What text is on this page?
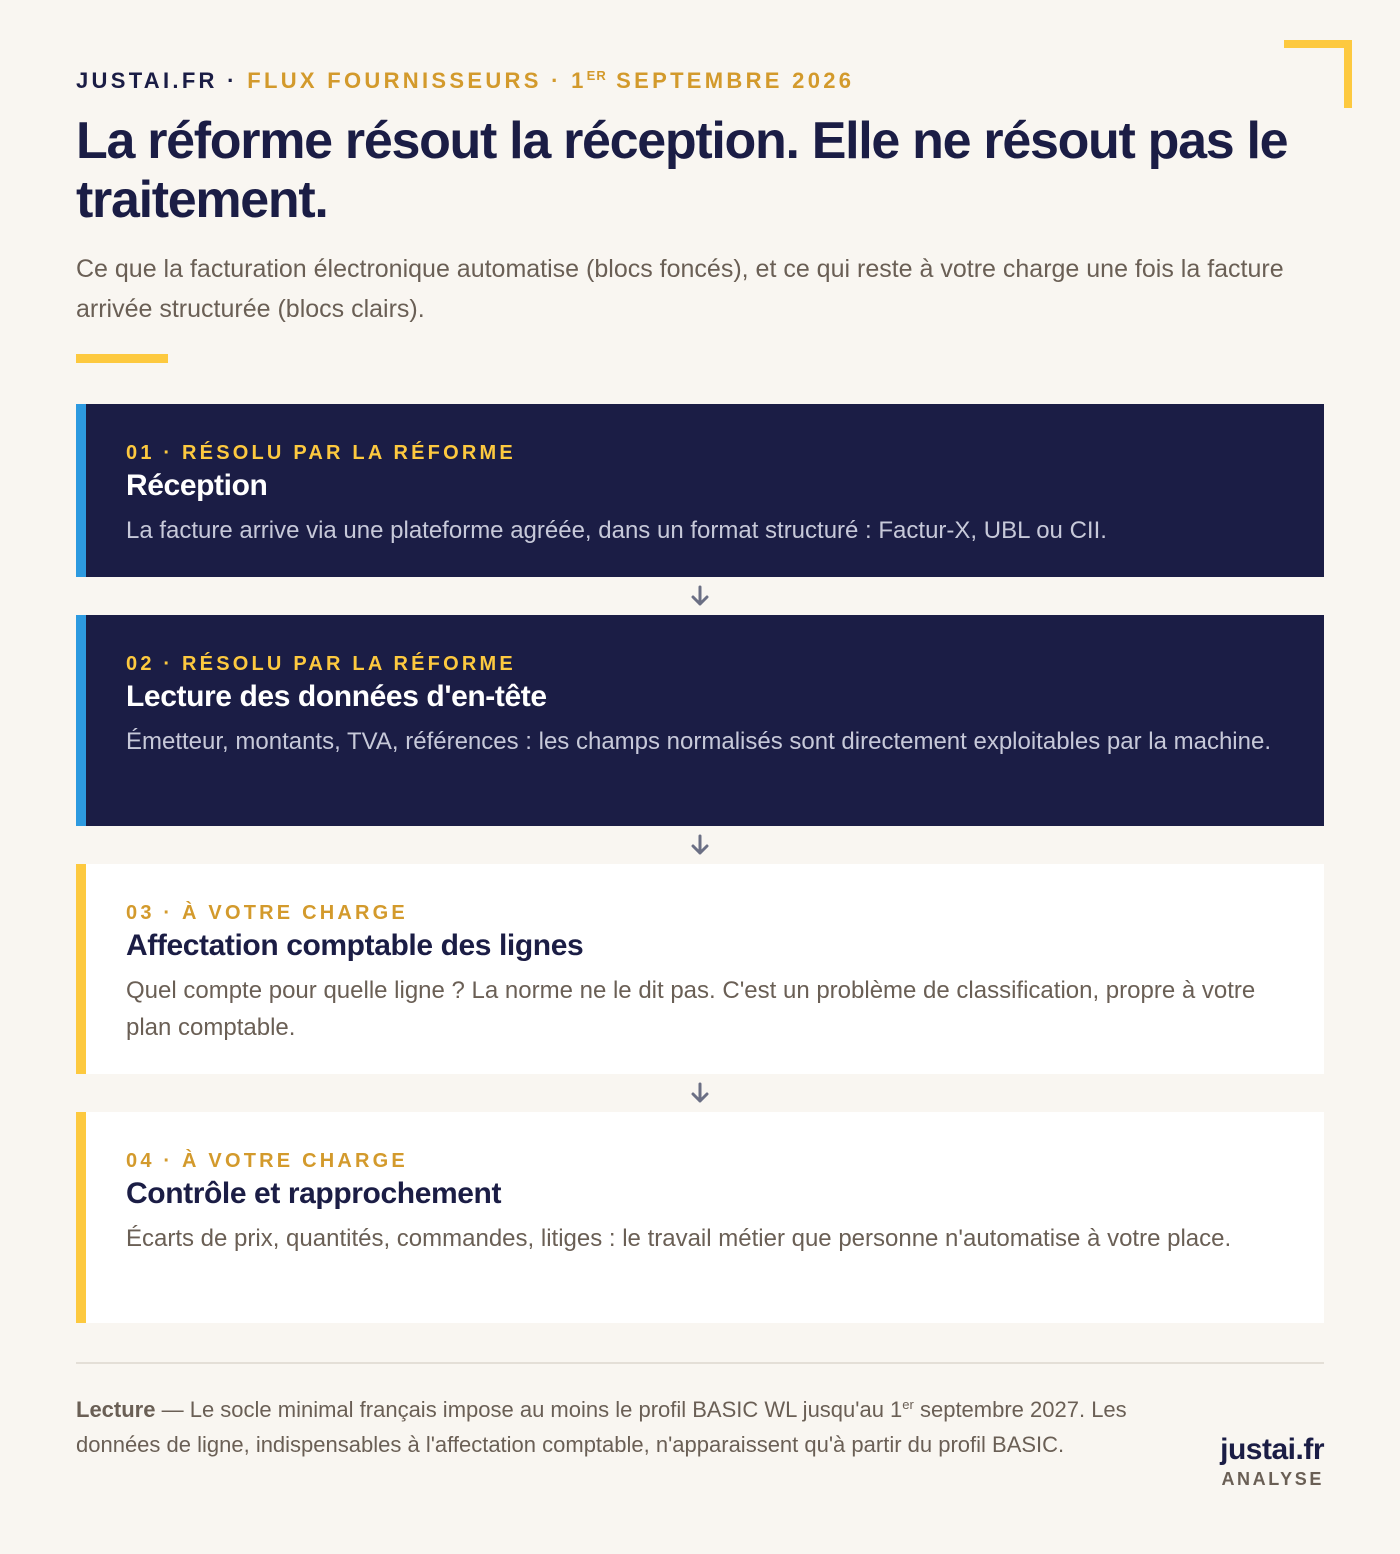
JUSTAI.FR · FLUX FOURNISSEURS · 1ER SEPTEMBRE 2026
La réforme résout la réception. Elle ne résout pas le traitement.

Ce que la facturation électronique automatise (blocs foncés), et ce qui reste à votre charge une fois la facture arrivée structurée (blocs clairs).

01 · RÉSOLU PAR LA RÉFORME
Réception
La facture arrive via une plateforme agréée, dans un format structuré : Factur-X, UBL ou CII.
02 · RÉSOLU PAR LA RÉFORME
Lecture des données d'en-tête
Émetteur, montants, TVA, références : les champs normalisés sont directement exploitables par la machine.
03 · À VOTRE CHARGE
Affectation comptable des lignes
Quel compte pour quelle ligne ? La norme ne le dit pas. C'est un problème de classification, propre à votre plan comptable.
04 · À VOTRE CHARGE
Contrôle et rapprochement
Écarts de prix, quantités, commandes, litiges : le travail métier que personne n'automatise à votre place.

Lecture — Le socle minimal français impose au moins le profil BASIC WL jusqu'au 1er septembre 2027. Les données de ligne, indispensables à l'affectation comptable, n'apparaissent qu'à partir du profil BASIC.	justai.fr
ANALYSE
